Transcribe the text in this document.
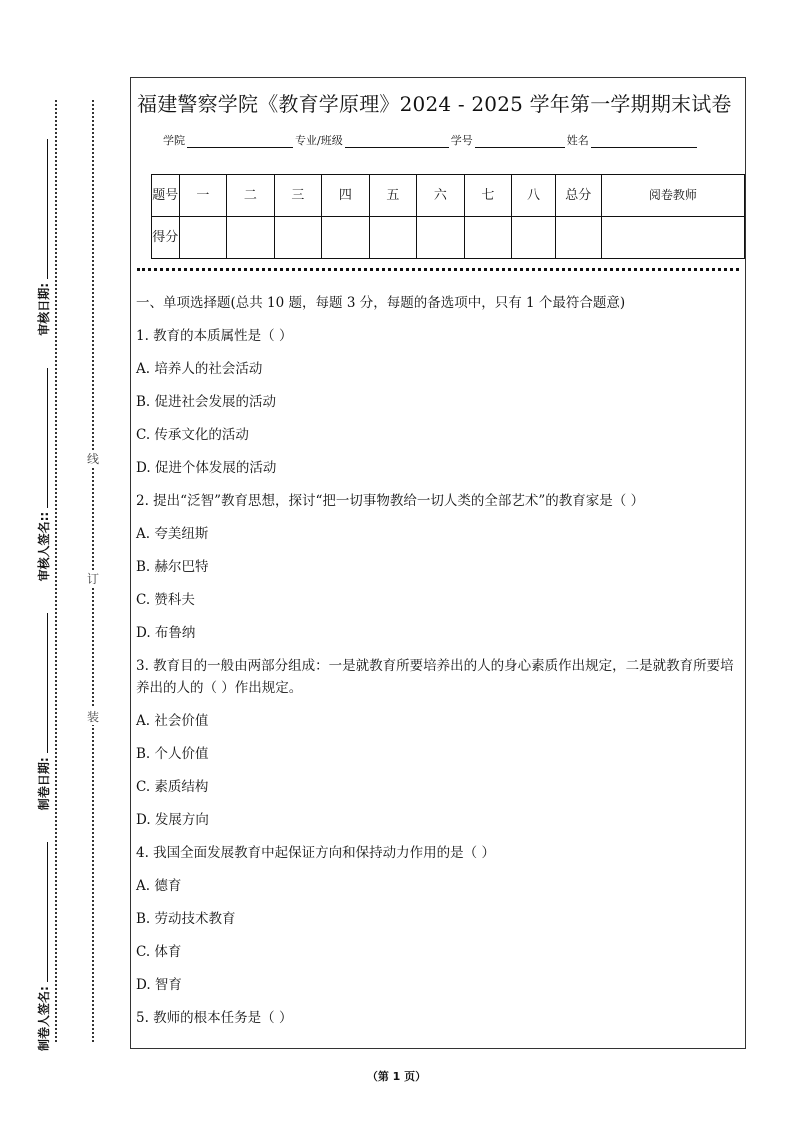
装
订
线
制卷人签名:
制卷日期:
审核人签名::
审核日期:
福建警察学院《教育学原理》2024 - 2025 学年第一学期期末试卷
学院	专业/班级	学号	姓名
题号	一	二	三	四	五	六	七	八	总分	阅卷教师
得分										
一、单项选择题(总共 10 题，每题 3 分，每题的备选项中，只有 1 个最符合题意)
1. 教育的本质属性是（ ）
A. 培养人的社会活动
B. 促进社会发展的活动
C. 传承文化的活动
D. 促进个体发展的活动
2. 提出“泛智”教育思想，探讨“把一切事物教给一切人类的全部艺术”的教育家是（ ）
A. 夸美纽斯
B. 赫尔巴特
C. 赞科夫
D. 布鲁纳
3. 教育目的一般由两部分组成：一是就教育所要培养出的人的身心素质作出规定，二是就教育所要培养出的人的（ ）作出规定。
A. 社会价值
B. 个人价值
C. 素质结构
D. 发展方向
4. 我国全面发展教育中起保证方向和保持动力作用的是（ ）
A. 德育
B. 劳动技术教育
C. 体育
D. 智育
5. 教师的根本任务是（ ）
（第 1 页）
